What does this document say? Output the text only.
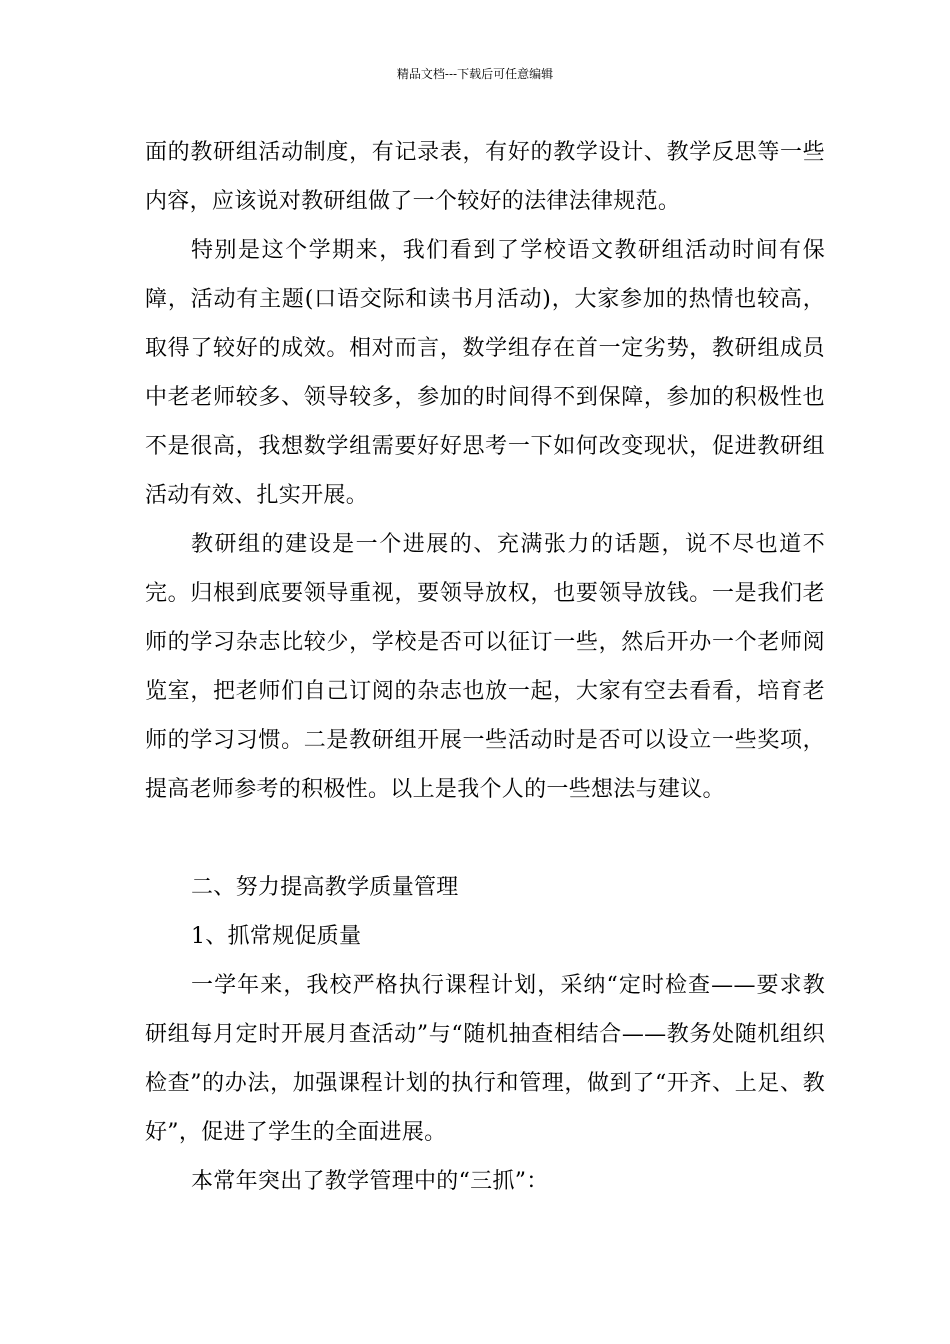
精品文档---下载后可任意编辑

面的教研组活动制度，有记录表，有好的教学设计、教学反思等一些内容，应该说对教研组做了一个较好的法律法律规范。

特别是这个学期来，我们看到了学校语文教研组活动时间有保障，活动有主题(口语交际和读书月活动)，大家参加的热情也较高，取得了较好的成效。相对而言，数学组存在首一定劣势，教研组成员中老老师较多、领导较多，参加的时间得不到保障，参加的积极性也不是很高，我想数学组需要好好思考一下如何改变现状，促进教研组活动有效、扎实开展。

教研组的建设是一个进展的、充满张力的话题，说不尽也道不完。归根到底要领导重视，要领导放权，也要领导放钱。一是我们老师的学习杂志比较少，学校是否可以征订一些，然后开办一个老师阅览室，把老师们自己订阅的杂志也放一起，大家有空去看看，培育老师的学习习惯。二是教研组开展一些活动时是否可以设立一些奖项，提高老师参考的积极性。以上是我个人的一些想法与建议。

二、努力提高教学质量管理

1、抓常规促质量

一学年来，我校严格执行课程计划，采纳“定时检查——要求教研组每月定时开展月查活动”与“随机抽查相结合——教务处随机组织检查”的办法，加强课程计划的执行和管理，做到了“开齐、上足、教好”，促进了学生的全面进展。

本常年突出了教学管理中的“三抓”：
